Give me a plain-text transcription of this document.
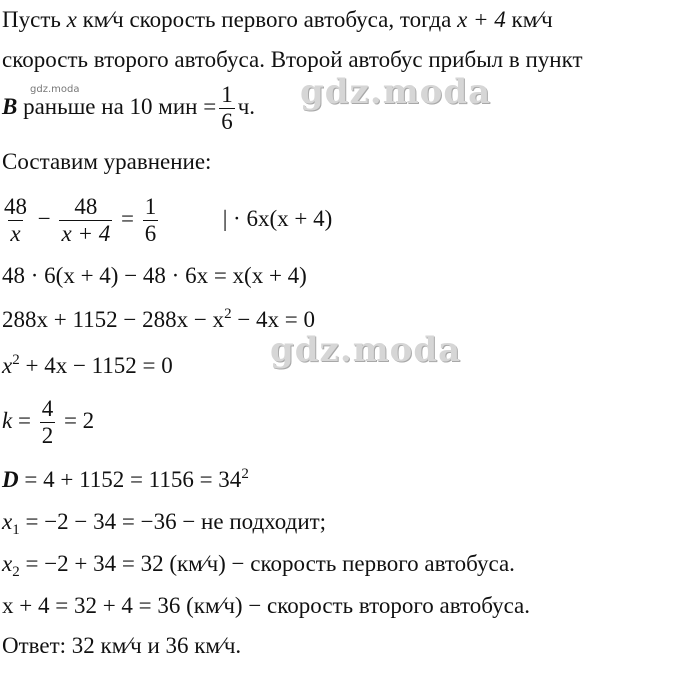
Пусть x км⁄ч скорость первого автобуса, тогда x + 4 км⁄ч
скорость второго автобуса. Второй автобус прибыл в пункт
B раньше на 10 мин = $\frac{1}{6} ч$.
Составим уравнение:
$\frac{48}{x} - \frac{48}{x + 4} = \frac{1}{6}$	| · 6x(x + 4)
48 · 6(x + 4) − 48 · 6x = x(x + 4)
$288x + 1152 - 288x - x^2 - 4x = 0$
$x^2 + 4x - 1152 = 0$
$k = \frac{4}{2} = 2$
$D = 4 + 1152 = 1156 = 34^2$
$x_1 = -2 - 34 = -36$ − не подходит;
$x_2 = -2 + 34 = 32$ (км⁄ч) − скорость первого автобуса.
x + 4 = 32 + 4 = 36 (км⁄ч) − скорость второго автобуса.
Ответ: 32 км⁄ч и 36 км⁄ч.
gdz.moda	gdz.moda
gdz.moda
